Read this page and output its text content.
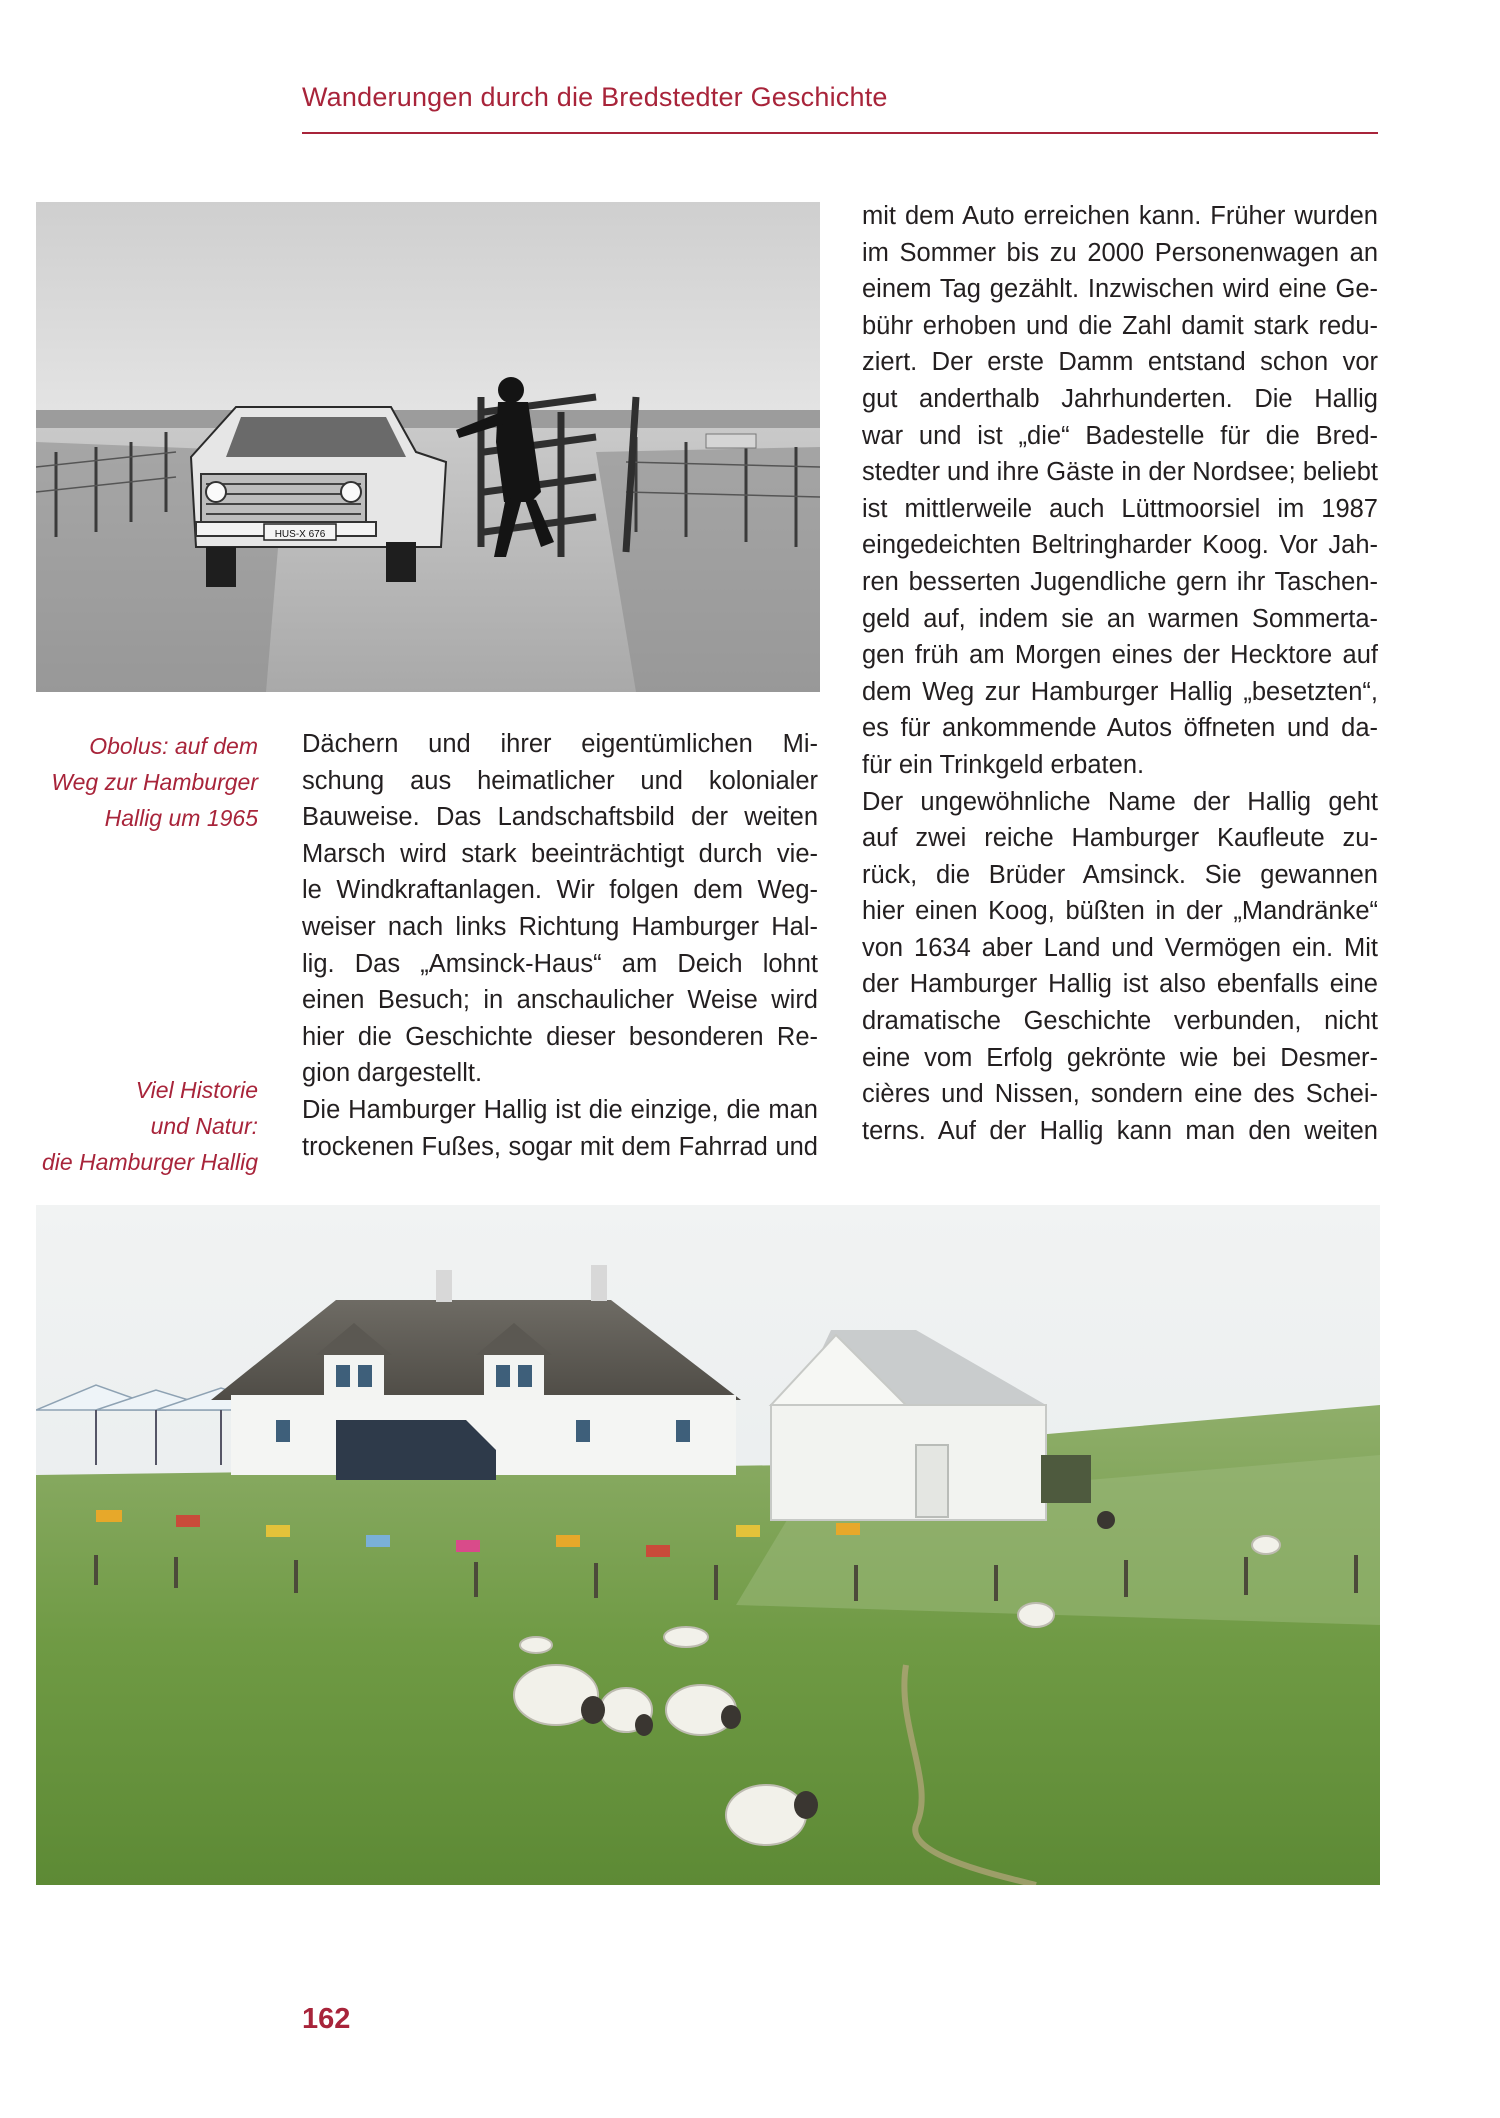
Wanderungen durch die Bredstedter Geschichte
HUS-X 676
Obolus: auf dem
Weg zur Hamburger
Hallig um 1965
Viel Historie
und Natur:
die Hamburger Hallig
Dächern und ihrer eigentümlichen Mi-
schung aus heimatlicher und kolonialer
Bauweise. Das Landschaftsbild der weiten
Marsch wird stark beeinträchtigt durch vie-
le Windkraftanlagen. Wir folgen dem Weg-
weiser nach links Richtung Hamburger Hal-
lig. Das „Amsinck-Haus“ am Deich lohnt
einen Besuch; in anschaulicher Weise wird
hier die Geschichte dieser besonderen Re-
gion dargestellt.
Die Hamburger Hallig ist die einzige, die man
trockenen Fußes, sogar mit dem Fahrrad und
mit dem Auto erreichen kann. Früher wurden
im Sommer bis zu 2000 Personenwagen an
einem Tag gezählt. Inzwischen wird eine Ge-
bühr erhoben und die Zahl damit stark redu-
ziert. Der erste Damm entstand schon vor
gut anderthalb Jahrhunderten. Die Hallig
war und ist „die“ Badestelle für die Bred-
stedter und ihre Gäste in der Nordsee; beliebt
ist mittlerweile auch Lüttmoorsiel im 1987
eingedeichten Beltringharder Koog. Vor Jah-
ren besserten Jugendliche gern ihr Taschen-
geld auf, indem sie an warmen Sommerta-
gen früh am Morgen eines der Hecktore auf
dem Weg zur Hamburger Hallig „besetzten“,
es für ankommende Autos öffneten und da-
für ein Trinkgeld erbaten.
Der ungewöhnliche Name der Hallig geht
auf zwei reiche Hamburger Kaufleute zu-
rück, die Brüder Amsinck. Sie gewannen
hier einen Koog, büßten in der „Mandränke“
von 1634 aber Land und Vermögen ein. Mit
der Hamburger Hallig ist also ebenfalls eine
dramatische Geschichte verbunden, nicht
eine vom Erfolg gekrönte wie bei Desmer-
cières und Nissen, sondern eine des Schei-
terns. Auf der Hallig kann man den weiten
162
